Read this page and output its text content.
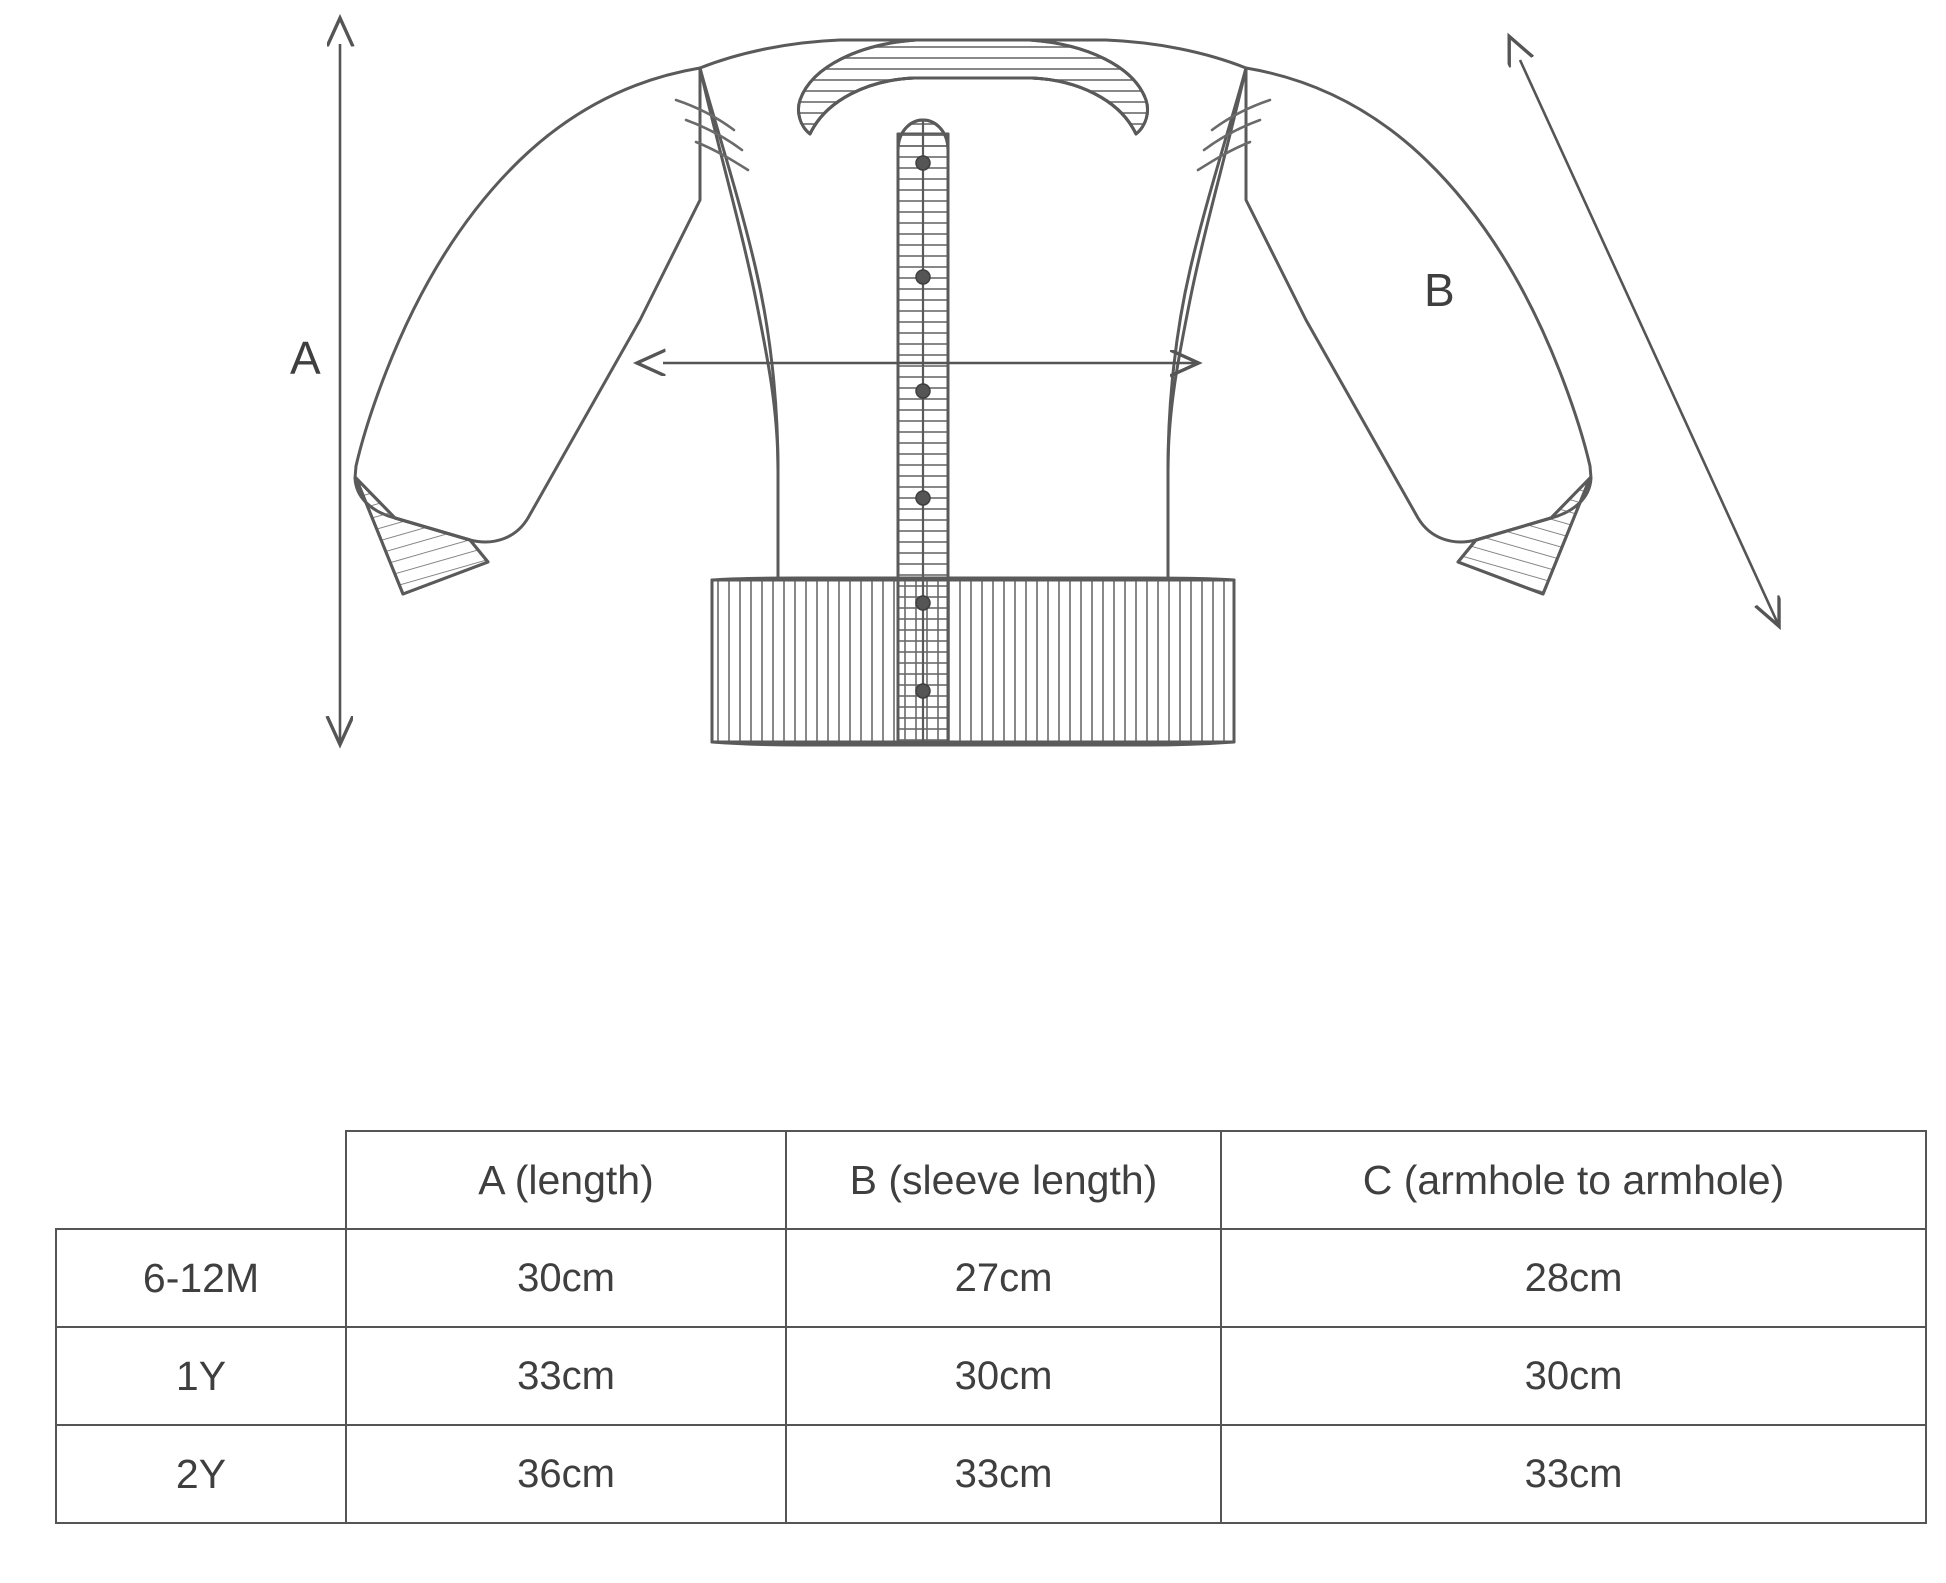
A
B
	A (length)	B (sleeve length)	C (armhole to armhole)
6-12M	30cm	27cm	28cm
1Y	33cm	30cm	30cm
2Y	36cm	33cm	33cm
